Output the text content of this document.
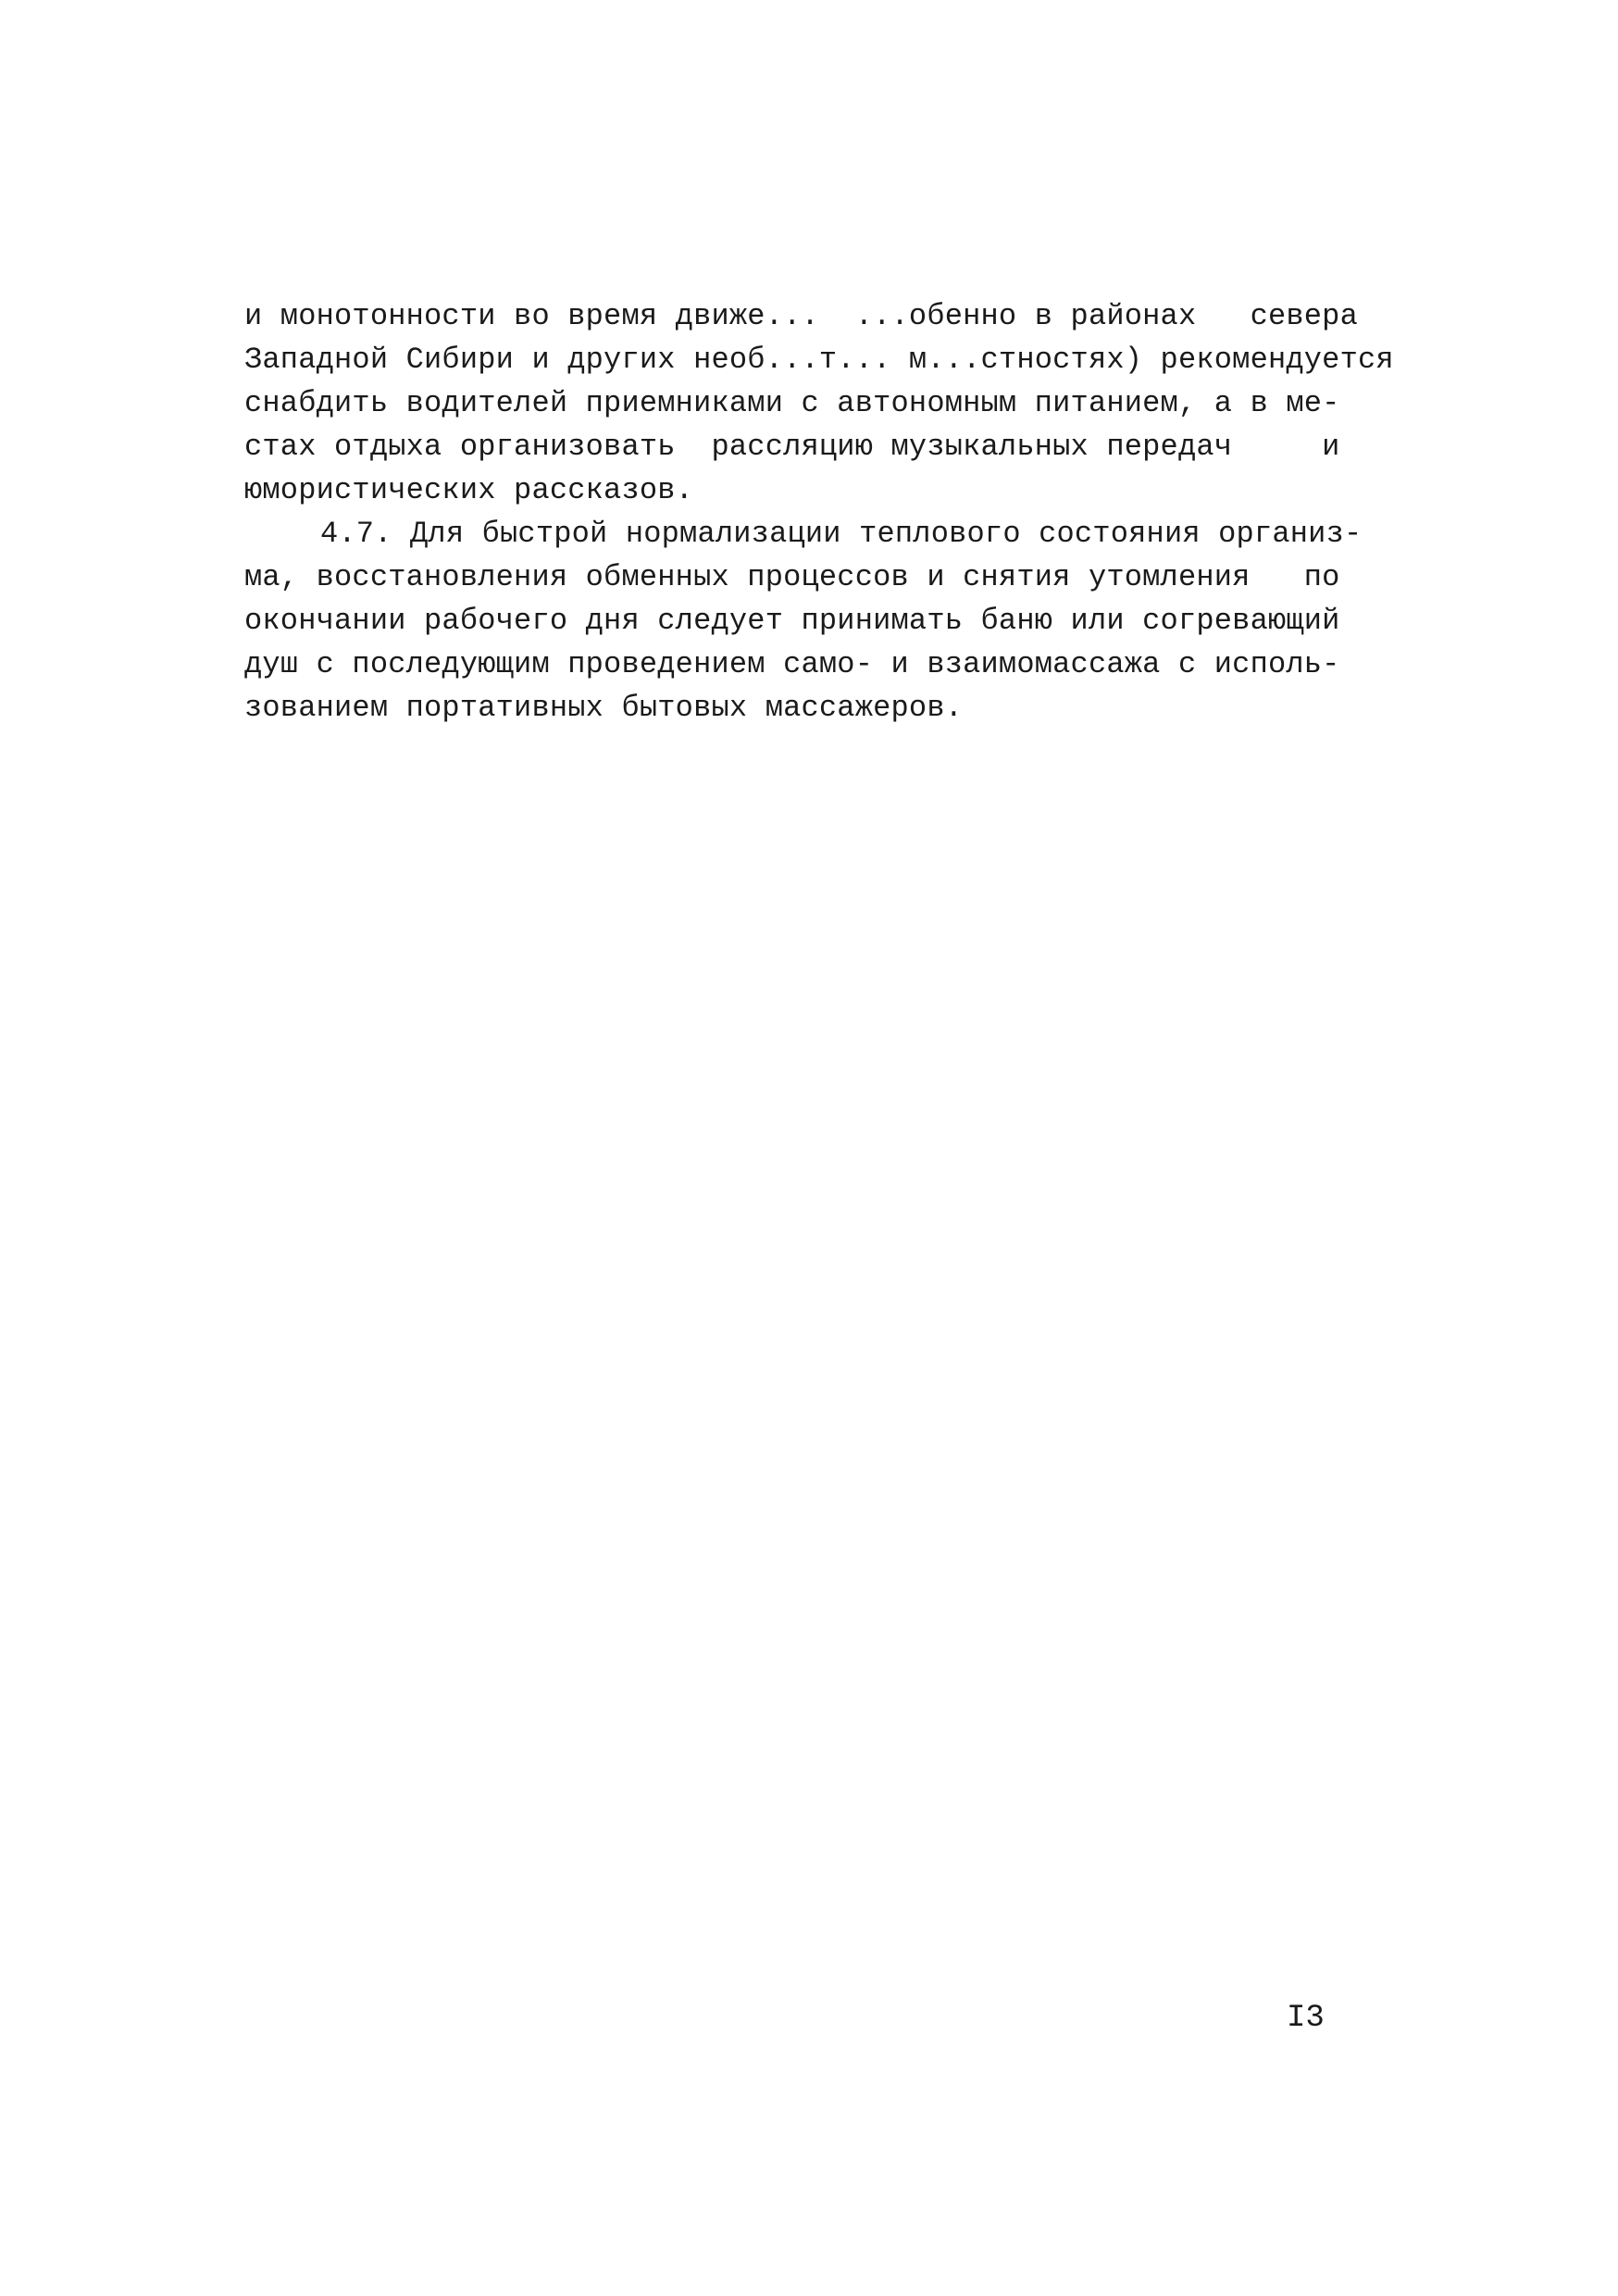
и монотонности во время движе...  ...обенно в районах   севера
Западной Сибири и других необ...т... м...стностях) рекомендуется
снабдить водителей приемниками с автономным питанием, а в ме-
стах отдыха организовать  раcсляцию музыкальных передач     и
юмористических рассказов.
4.7. Для быстрой нормализации теплового состояния организ-
ма, восстановления обменных процессов и снятия утомления   по
окончании рабочего дня следует принимать баню или согревающий
душ с последующим проведением само- и взаимомассажа с исполь-
зованием портативных бытовых массажеров.
I3
